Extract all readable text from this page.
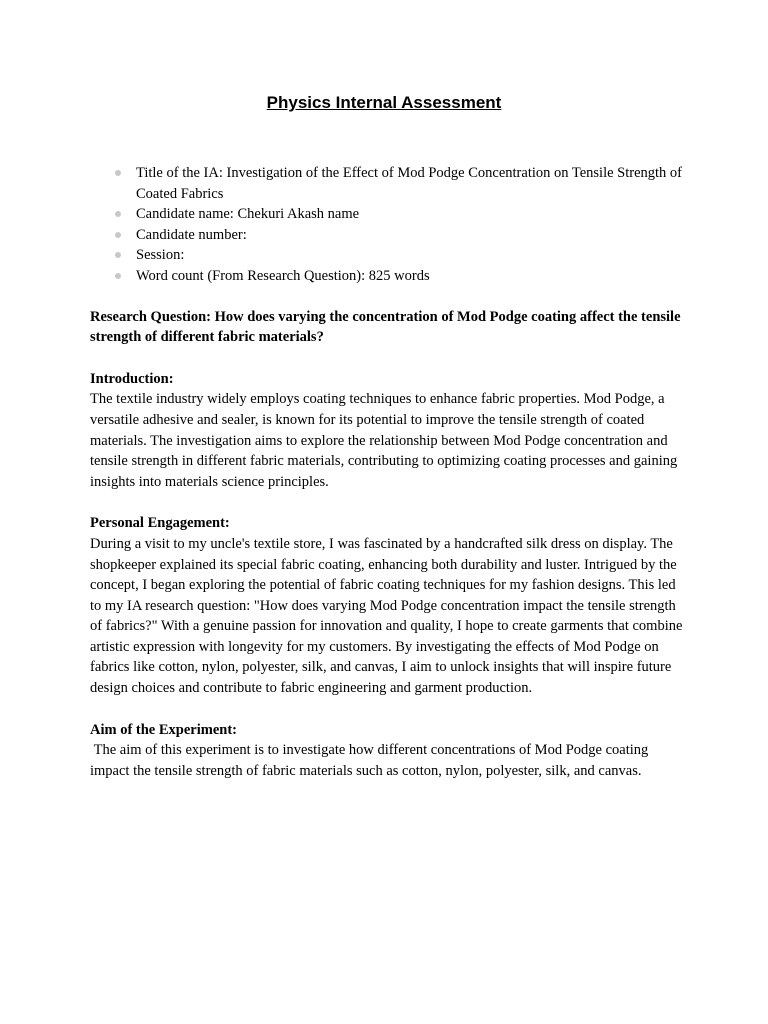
Physics Internal Assessment
Title of the IA: Investigation of the Effect of Mod Podge Concentration on Tensile Strength of Coated Fabrics
Candidate name: Chekuri Akash name
Candidate number:
Session:
Word count (From Research Question): 825 words
Research Question: How does varying the concentration of Mod Podge coating affect the tensile strength of different fabric materials?
Introduction:

The textile industry widely employs coating techniques to enhance fabric properties. Mod Podge, a versatile adhesive and sealer, is known for its potential to improve the tensile strength of coated materials. The investigation aims to explore the relationship between Mod Podge concentration and tensile strength in different fabric materials, contributing to optimizing coating processes and gaining insights into materials science principles.

Personal Engagement:

During a visit to my uncle's textile store, I was fascinated by a handcrafted silk dress on display. The shopkeeper explained its special fabric coating, enhancing both durability and luster. Intrigued by the concept, I began exploring the potential of fabric coating techniques for my fashion designs. This led to my IA research question: "How does varying Mod Podge concentration impact the tensile strength of fabrics?" With a genuine passion for innovation and quality, I hope to create garments that combine artistic expression with longevity for my customers. By investigating the effects of Mod Podge on fabrics like cotton, nylon, polyester, silk, and canvas, I aim to unlock insights that will inspire future design choices and contribute to fabric engineering and garment production.

Aim of the Experiment:

The aim of this experiment is to investigate how different concentrations of Mod Podge coating impact the tensile strength of fabric materials such as cotton, nylon, polyester, silk, and canvas.
